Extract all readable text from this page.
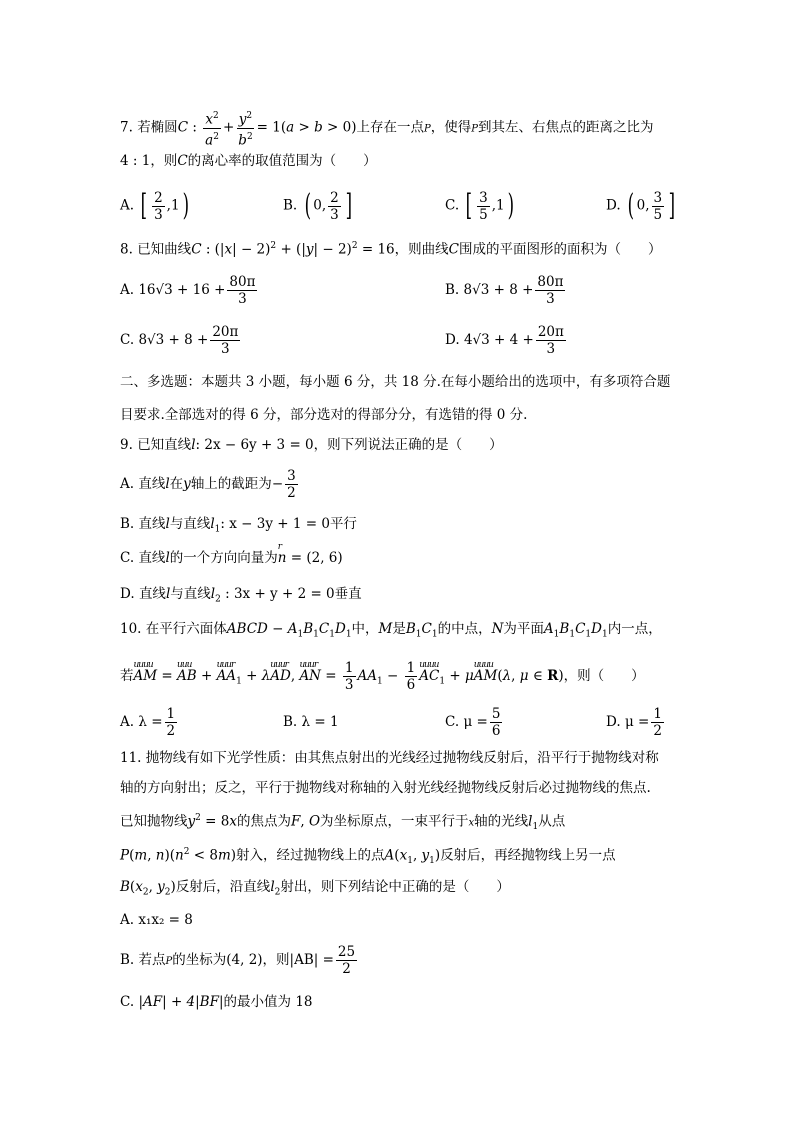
7. 若椭圆C : $\frac{x^2}{a^2} + \frac{y^2}{b^2} = 1(a > b > 0)$上存在一点P，使得P到其左、右焦点的距离之比为
4 : 1，则C的离心率的取值范围为（　　）
A. [ $\frac{2}{3} ,1$)	B. ( 0, $\frac{2}{3}$ ]	C. [ $\frac{3}{5} ,1$)	D. ( 0, $\frac{3}{5}$ ]
8. 已知曲线C : $(|x| - 2)^2 + (|y| - 2)^2 = 16$，则曲线C围成的平面图形的面积为（　　）
A. $16√3 + 16 + \frac{80\pi}{3}$	B. $8√3 + 8 + \frac{80\pi}{3}$
C. $8√3 + 8 + \frac{20\pi}{3}$	D. $4√3 + 4 + \frac{20\pi}{3}$
二、多选题：本题共 3 小题，每小题 6 分，共 18 分.在每小题给出的选项中，有多项符合题
目要求.全部选对的得 6 分，部分选对的得部分分，有选错的得 0 分.
9. 已知直线l: 2x − 6y + 3 = 0，则下列说法正确的是（　　）
A. 直线l在y轴上的截距为− $\frac{3}{2}$
B. 直线l与直线$l_1$: x − 3y + 1 = 0平行
C. 直线l的一个方向向量为n
r
= (2, 6)
D. 直线l与直线$l_2$ : 3x + y + 2 = 0垂直
10. 在平行六面体ABCD − $A_1B_1C_1D_1$中，M是$B_1C_1$的中点，N为平面$A_1B_1C_1D_1$内一点，
若AM
uuuu
= AB
uuu
+ AA
uuur
$_1$ + λAD
uuur
, AN
uuur
= $\frac{1}{3} AA_1 - \frac{1}{6}$ AC
uuuu
$_1$ + μAM
uuuu
(λ, μ ∈ R)，则（　　）
A. $\lambda = \frac{1}{2}$	B. λ = 1	C. $\mu = \frac{5}{6}$	D. $\mu = \frac{1}{2}$
11. 抛物线有如下光学性质：由其焦点射出的光线经过抛物线反射后，沿平行于抛物线对称
轴的方向射出；反之，平行于抛物线对称轴的入射光线经抛物线反射后必过抛物线的焦点.
已知抛物线$y^2 = 8x$的焦点为F, O为坐标原点，一束平行于x轴的光线$l_1$从点
P(m, $n)(n^2 < 8m)$射入，经过抛物线上的点$A(x_1$, $y_1$)反射后，再经抛物线上另一点
$B(x_2$, $y_2$)反射后，沿直线$l_2$射出，则下列结论中正确的是（　　）
A. x₁x₂ = 8
B. 若点P的坐标为(4, 2)，则$|AB| = \frac{25}{2}$
C. |AF| + 4|BF|的最小值为 18
